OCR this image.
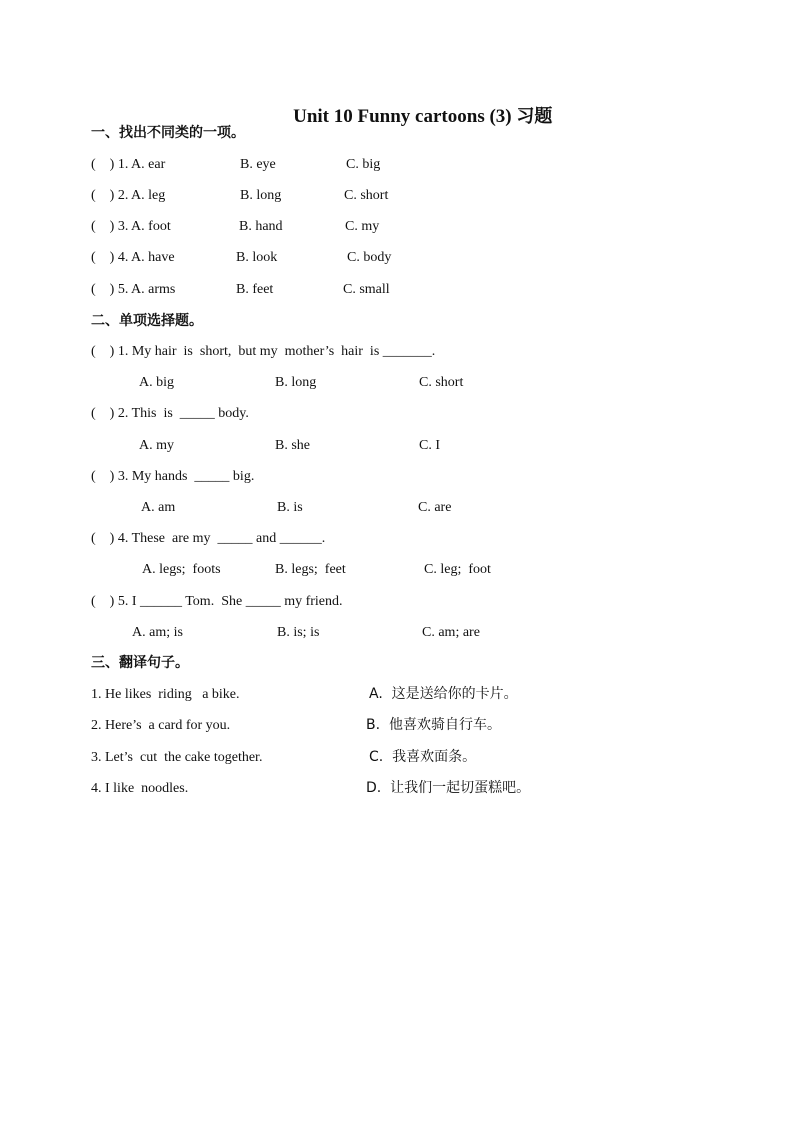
Unit 10 Funny cartoons (3) 习题

一、找出不同类的一项。
(    ) 1. A. ear	B. eye	C. big
(    ) 2. A. leg	B. long	C. short
(    ) 3. A. foot	B. hand	C. my
(    ) 4. A. have	B. look	C. body
(    ) 5. A. arms	B. feet	C. small
二、单项选择题。
(    ) 1. My hair  is  short,  but my  mother’s  hair  is _______.
A. big	B. long	C. short
(    ) 2. This  is  _____ body.
A. my	B. she	C. I
(    ) 3. My hands  _____ big.
A. am	B. is	C. are
(    ) 4. These  are my  _____ and ______.
A. legs;  foots	B. legs;  feet	C. leg;  foot
(    ) 5. I ______ Tom.  She _____ my friend.
A. am; is	B. is; is	C. am; are
三、翻译句子。
1. He likes  riding   a bike.	A.  这是送给你的卡片。
2. Here’s  a card for you.	B.  他喜欢骑自行车。
3. Let’s  cut  the cake together.	C.  我喜欢面条。
4. I like  noodles.	D.  让我们一起切蛋糕吧。
